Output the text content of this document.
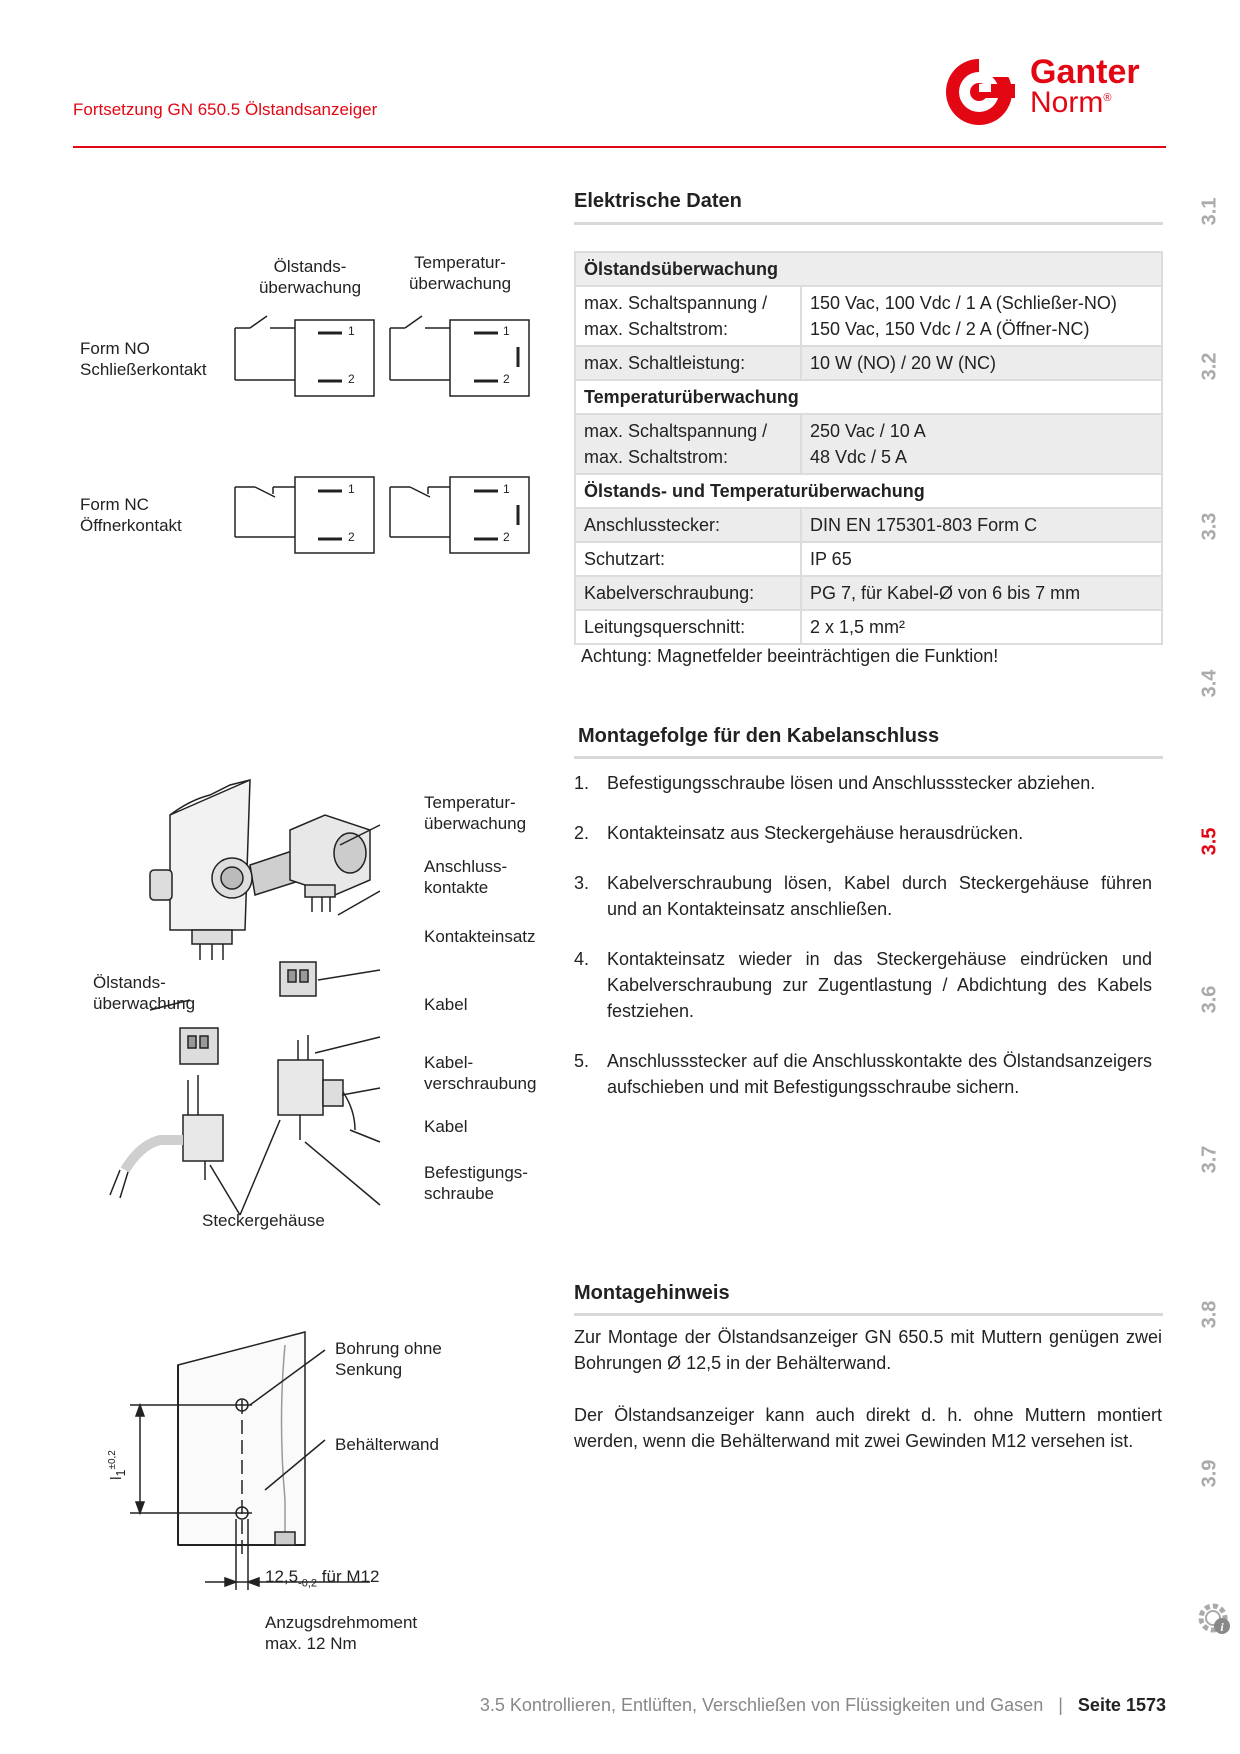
Fortsetzung GN 650.5 Ölstandsanzeiger
Ganter
Norm®
3.1
3.2
3.3
3.4
3.5
3.6
3.7
3.8
3.9
i
Elektrische Daten
Ölstandsüberwachung	
max. Schaltspannung /
max. Schaltstrom:	150 Vac, 100 Vdc / 1 A (Schließer-NO)
150 Vac, 150 Vdc / 2 A (Öffner-NC)
max. Schaltleistung:	10 W (NO) / 20 W (NC)
Temperaturüberwachung	
max. Schaltspannung /
max. Schaltstrom:	250 Vac / 10 A
48 Vdc / 5 A
Ölstands- und Temperaturüberwachung	
Anschlusstecker:	DIN EN 175301-803 Form C
Schutzart:	IP 65
Kabelverschraubung:	PG 7, für Kabel-Ø von 6 bis 7 mm
Leitungsquerschnitt:	2 x 1,5 mm²
Achtung: Magnetfelder beeinträchtigen die Funktion!
Ölstands-
überwachung
Temperatur-
überwachung
Form NO
Schließerkontakt
Form NC
Öffnerkontakt
1
2
1
2
1
2
1
2
Montagefolge für den Kabelanschluss
1. Befestigungsschraube lösen und Anschlussstecker abziehen.
2. Kontakteinsatz aus Steckergehäuse herausdrücken.
3. Kabelverschraubung lösen, Kabel durch Steckergehäuse führen und an Kontakteinsatz anschließen.
4. Kontakteinsatz wieder in das Steckergehäuse eindrücken und Kabelverschraubung zur Zugentlastung / Abdichtung des Kabels festziehen.
5. Anschlussstecker auf die Anschlusskontakte des Ölstandsanzeigers aufschieben und mit Befestigungsschraube sichern.
Temperatur-
überwachung
Anschluss-
kontakte
Kontakteinsatz
Ölstands-
überwachung	Kabel
Kabel-
verschraubung
Kabel
Befestigungs-
schraube
Steckergehäuse
Montagehinweis
Zur Montage der Ölstandsanzeiger GN 650.5 mit Muttern genügen zwei Bohrungen Ø 12,5 in der Behälterwand.
Der Ölstandsanzeiger kann auch direkt d. h. ohne Muttern montiert werden, wenn die Behälterwand mit zwei Gewinden M12 versehen ist.
Bohrung ohne
Senkung
Behälterwand
$l_1^{\pm 0,2}$
$12,5_{-0,2}$ für M12
Anzugsdrehmoment
max. 12 Nm
3.5 Kontrollieren, Entlüften, Verschließen von Flüssigkeiten und Gasen | Seite 1573
